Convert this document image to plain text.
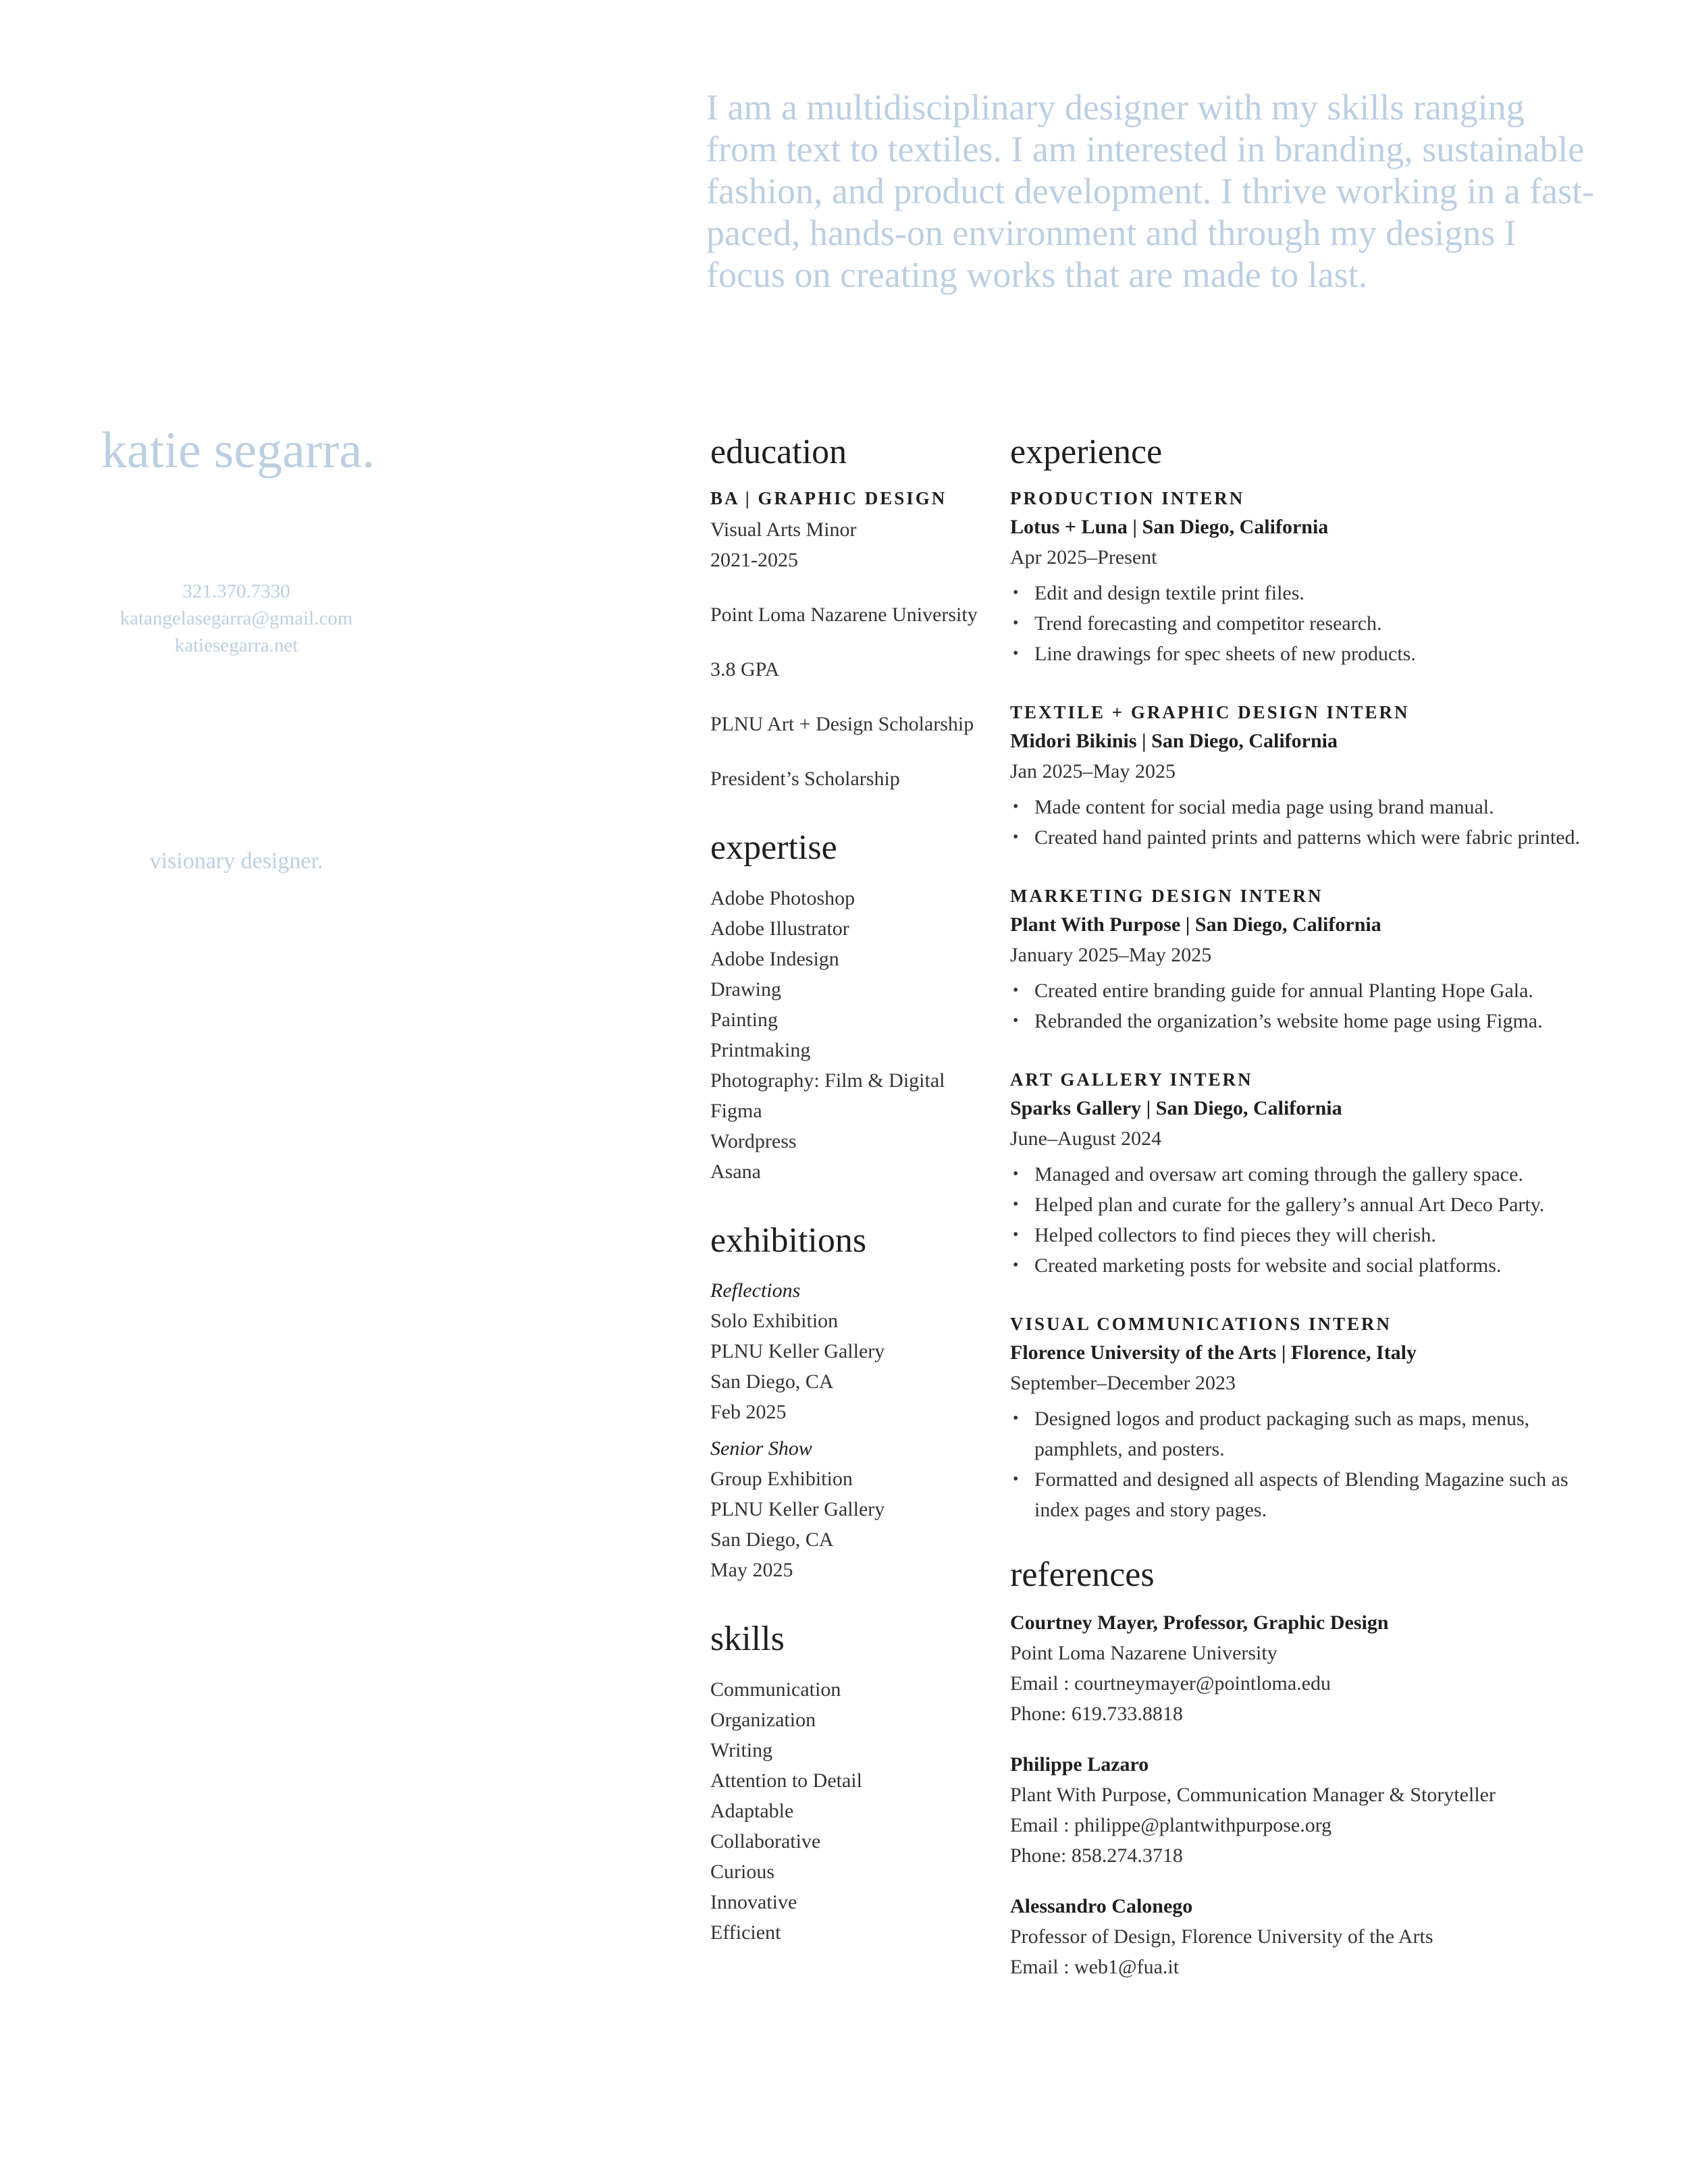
I am a multidisciplinary designer with my skills ranging from text to textiles. I am interested in branding, sustainable fashion, and product development. I thrive working in a fast-paced, hands-on environment and through my designs I focus on creating works that are made to last.
katie segarra.
321.370.7330
katangelasegarra@gmail.com
katiesegarra.net
visionary designer.
education
BA | GRAPHIC DESIGN
Visual Arts Minor
2021-2025
Point Loma Nazarene University
3.8 GPA
PLNU Art + Design Scholarship
President’s Scholarship
expertise
Adobe Photoshop
Adobe Illustrator
Adobe Indesign
Drawing
Painting
Printmaking
Photography: Film & Digital
Figma
Wordpress
Asana
exhibitions
Reflections
Solo Exhibition
PLNU Keller Gallery
San Diego, CA
Feb 2025
Senior Show
Group Exhibition
PLNU Keller Gallery
San Diego, CA
May 2025
skills
Communication
Organization
Writing
Attention to Detail
Adaptable
Collaborative
Curious
Innovative
Efficient
experience
PRODUCTION INTERN
Lotus + Luna | San Diego, California
Apr 2025–Present
• Edit and design textile print files.
• Trend forecasting and competitor research.
• Line drawings for spec sheets of new products.
TEXTILE + GRAPHIC DESIGN INTERN
Midori Bikinis | San Diego, California
Jan 2025–May 2025
• Made content for social media page using brand manual.
• Created hand painted prints and patterns which were fabric printed.
MARKETING DESIGN INTERN
Plant With Purpose | San Diego, California
January 2025–May 2025
• Created entire branding guide for annual Planting Hope Gala.
• Rebranded the organization’s website home page using Figma.
ART GALLERY INTERN
Sparks Gallery | San Diego, California
June–August 2024
• Managed and oversaw art coming through the gallery space.
• Helped plan and curate for the gallery’s annual Art Deco Party.
• Helped collectors to find pieces they will cherish.
• Created marketing posts for website and social platforms.
VISUAL COMMUNICATIONS INTERN
Florence University of the Arts | Florence, Italy
September–December 2023
• Designed logos and product packaging such as maps, menus, pamphlets, and posters.
• Formatted and designed all aspects of Blending Magazine such as index pages and story pages.
references
Courtney Mayer, Professor, Graphic Design
Point Loma Nazarene University
Email : courtneymayer@pointloma.edu
Phone: 619.733.8818
Philippe Lazaro
Plant With Purpose, Communication Manager & Storyteller
Email : philippe@plantwithpurpose.org
Phone: 858.274.3718
Alessandro Calonego
Professor of Design, Florence University of the Arts
Email : web1@fua.it
